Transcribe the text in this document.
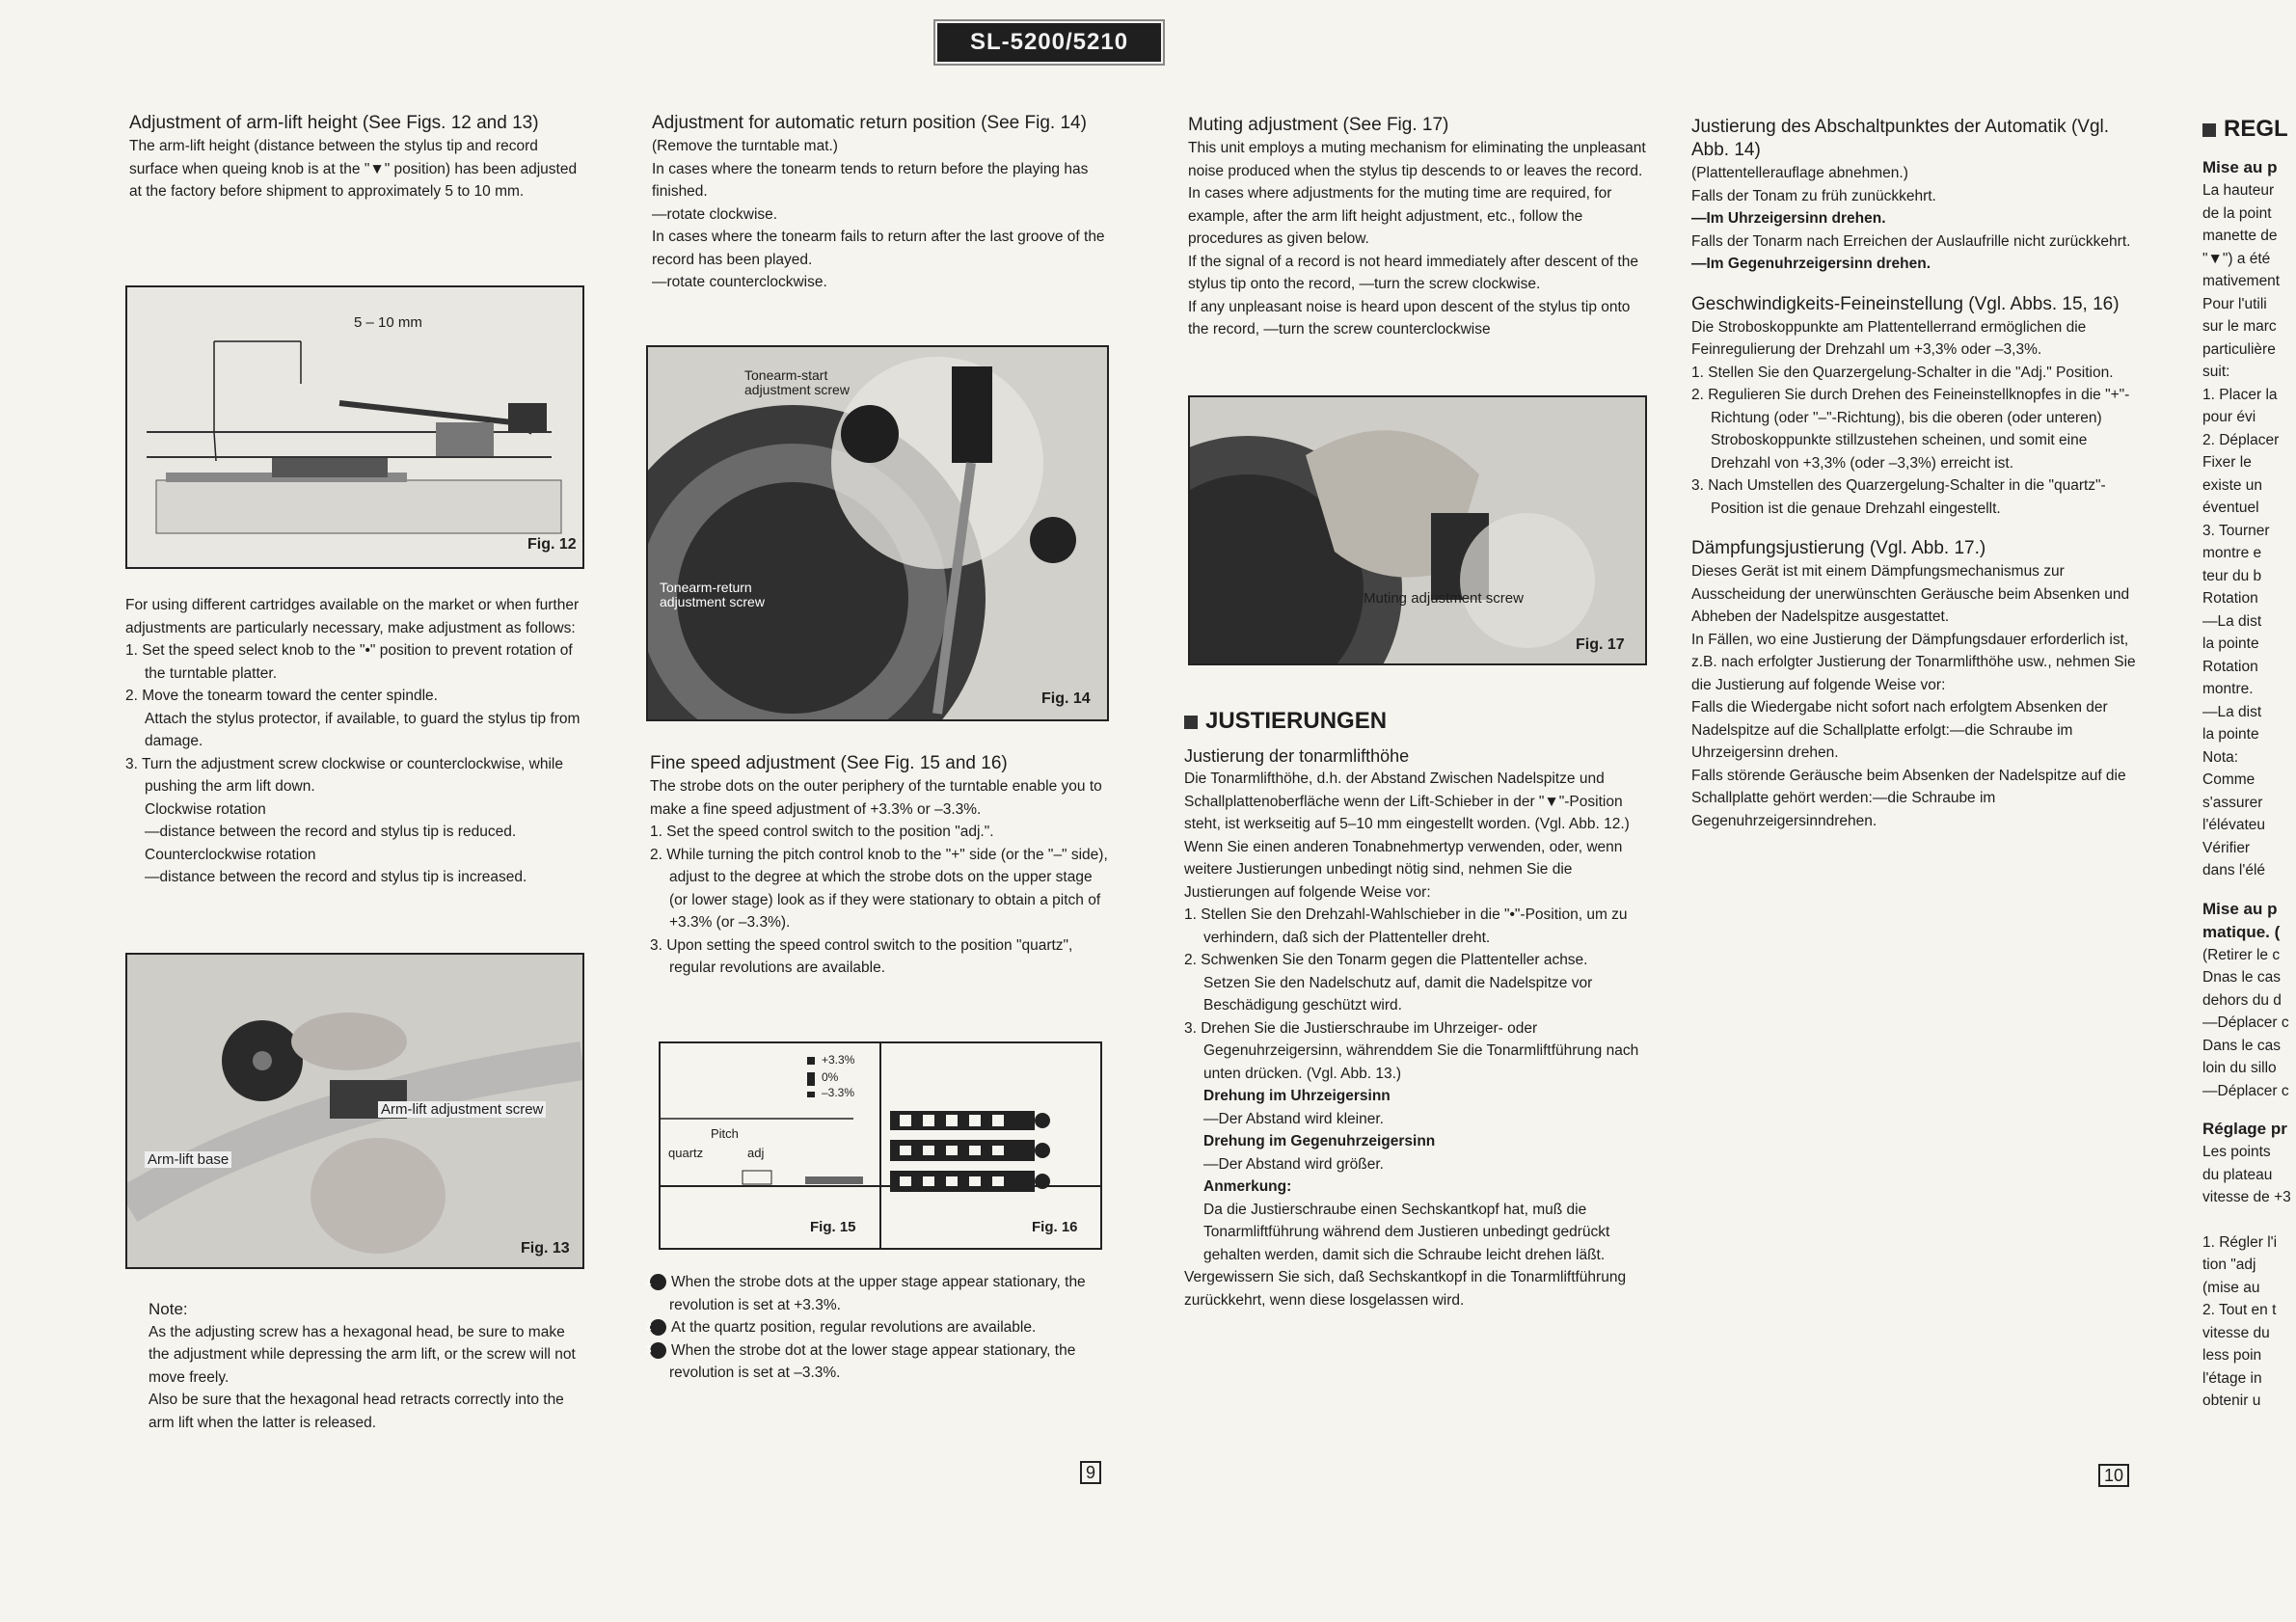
SL-5200/5210
Adjustment of arm-lift height (See Figs. 12 and 13)

The arm-lift height (distance between the stylus tip and record surface when queing knob is at the "▼" position) has been adjusted at the factory before shipment to approximately 5 to 10 mm.

5 – 10 mm
Fig. 12

For using different cartridges available on the market or when further adjustments are particularly necessary, make adjustment as follows:

1. Set the speed select knob to the "•" position to prevent rotation of the turntable platter.

2. Move the tonearm toward the center spindle.

Attach the stylus protector, if available, to guard the stylus tip from damage.

3. Turn the adjustment screw clockwise or counterclockwise, while pushing the arm lift down.

Clockwise rotation

—distance between the record and stylus tip is reduced.

Counterclockwise rotation

—distance between the record and stylus tip is increased.

Arm-lift adjustment screw
Arm-lift base
Fig. 13

Note:

As the adjusting screw has a hexagonal head, be sure to make the adjustment while depressing the arm lift, or the screw will not move freely.

Also be sure that the hexagonal head retracts correctly into the arm lift when the latter is released.

Adjustment for automatic return position (See Fig. 14)

(Remove the turntable mat.)

In cases where the tonearm tends to return before the playing has finished.

—rotate clockwise.

In cases where the tonearm fails to return after the last groove of the record has been played.

—rotate counterclockwise.

Tonearm-start adjustment screw
Tonearm-return adjustment screw
Fig. 14
Fine speed adjustment (See Fig. 15 and 16)

The strobe dots on the outer periphery of the turntable enable you to make a fine speed adjustment of +3.3% or –3.3%.

1. Set the speed control switch to the position "adj.".

2. While turning the pitch control knob to the "+" side (or the "–" side), adjust to the degree at which the strobe dots on the upper stage (or lower stage) look as if they were stationary to obtain a pitch of +3.3% (or –3.3%).

3. Upon setting the speed control switch to the position "quartz", regular revolutions are available.

+3.3%
0%
–3.3%
Pitch
quartz	adj
Fig. 15	Fig. 16

1 When the strobe dots at the upper stage appear stationary, the revolution is set at +3.3%.

2 At the quartz position, regular revolutions are available.

3 When the strobe dot at the lower stage appear stationary, the revolution is set at –3.3%.

9
Muting adjustment (See Fig. 17)

This unit employs a muting mechanism for eliminating the unpleasant noise produced when the stylus tip descends to or leaves the record. In cases where adjustments for the muting time are required, for example, after the arm lift height adjustment, etc., follow the procedures as given below.

If the signal of a record is not heard immediately after descent of the stylus tip onto the record, —turn the screw clockwise.

If any unpleasant noise is heard upon descent of the stylus tip onto the record, —turn the screw counterclockwise

Muting adjustment screw
Fig. 17
JUSTIERUNGEN
Justierung der tonarmlifthöhe

Die Tonarmlifthöhe, d.h. der Abstand Zwischen Nadelspitze und Schallplattenoberfläche wenn der Lift-Schieber in der "▼"-Position steht, ist werkseitig auf 5–10 mm eingestellt worden. (Vgl. Abb. 12.)

Wenn Sie einen anderen Tonabnehmertyp verwenden, oder, wenn weitere Justierungen unbedingt nötig sind, nehmen Sie die Justierungen auf folgende Weise vor:

1. Stellen Sie den Drehzahl-Wahlschieber in die "•"-Position, um zu verhindern, daß sich der Plattenteller dreht.

2. Schwenken Sie den Tonarm gegen die Plattenteller achse.

Setzen Sie den Nadelschutz auf, damit die Nadelspitze vor Beschädigung geschützt wird.

3. Drehen Sie die Justierschraube im Uhrzeiger- oder Gegenuhrzeigersinn, währenddem Sie die Tonarmliftführung nach unten drücken. (Vgl. Abb. 13.)

Drehung im Uhrzeigersinn

—Der Abstand wird kleiner.

Drehung im Gegenuhrzeigersinn

—Der Abstand wird größer.

Anmerkung:

Da die Justierschraube einen Sechskantkopf hat, muß die Tonarmliftführung während dem Justieren unbedingt gedrückt gehalten werden, damit sich die Schraube leicht drehen läßt.

Vergewissern Sie sich, daß Sechskantkopf in die Tonarmliftführung zurückkehrt, wenn diese losgelassen wird.

Justierung des Abschaltpunktes der Automatik (Vgl. Abb. 14)

(Plattentellerauflage abnehmen.)

Falls der Tonam zu früh zunückkehrt.

—Im Uhrzeigersinn drehen.

Falls der Tonarm nach Erreichen der Auslaufrille nicht zurückkehrt.

—Im Gegenuhrzeigersinn drehen.

Geschwindigkeits-Feineinstellung (Vgl. Abbs. 15, 16)

Die Stroboskoppunkte am Plattentellerrand ermöglichen die Feinregulierung der Drehzahl um +3,3% oder –3,3%.

1. Stellen Sie den Quarzergelung-Schalter in die "Adj." Position.

2. Regulieren Sie durch Drehen des Feineinstellknopfes in die "+"-Richtung (oder "–"-Richtung), bis die oberen (oder unteren) Stroboskoppunkte stillzustehen scheinen, und somit eine Drehzahl von +3,3% (oder –3,3%) erreicht ist.

3. Nach Umstellen des Quarzergelung-Schalter in die "quartz"-Position ist die genaue Drehzahl eingestellt.

Dämpfungsjustierung (Vgl. Abb. 17.)

Dieses Gerät ist mit einem Dämpfungsmechanismus zur Ausscheidung der unerwünschten Geräusche beim Absenken und Abheben der Nadelspitze ausgestattet.

In Fällen, wo eine Justierung der Dämpfungsdauer erforderlich ist, z.B. nach erfolgter Justierung der Tonarmlifthöhe usw., nehmen Sie die Justierung auf folgende Weise vor:

Falls die Wiedergabe nicht sofort nach erfolgtem Absenken der Nadelspitze auf die Schallplatte erfolgt:—die Schraube im Uhrzeigersinn drehen.

Falls störende Geräusche beim Absenken der Nadelspitze auf die Schallplatte gehört werden:—die Schraube im Gegenuhrzeigersinndrehen.

10
REGL
Mise au p

La hauteur

de la point

manette de

"▼") a été

mativement

Pour l'utili

sur le marc

particulière

suit:

1. Placer la

pour évi

2. Déplacer

Fixer le

existe un

éventuel

3. Tourner

montre e

teur du b

Rotation

—La dist

la pointe

Rotation

montre.

—La dist

la pointe

Nota:

Comme

s'assurer

l'élévateu

Vérifier

dans l'élé

Mise au p
matique. (

(Retirer le c

Dnas le cas

dehors du d

—Déplacer c

Dans le cas

loin du sillo

—Déplacer c

Réglage pr

Les points

du plateau

vitesse de +3

1. Régler l'i

tion "adj

(mise au

2. Tout en t

vitesse du

less poin

l'étage in

obtenir u
